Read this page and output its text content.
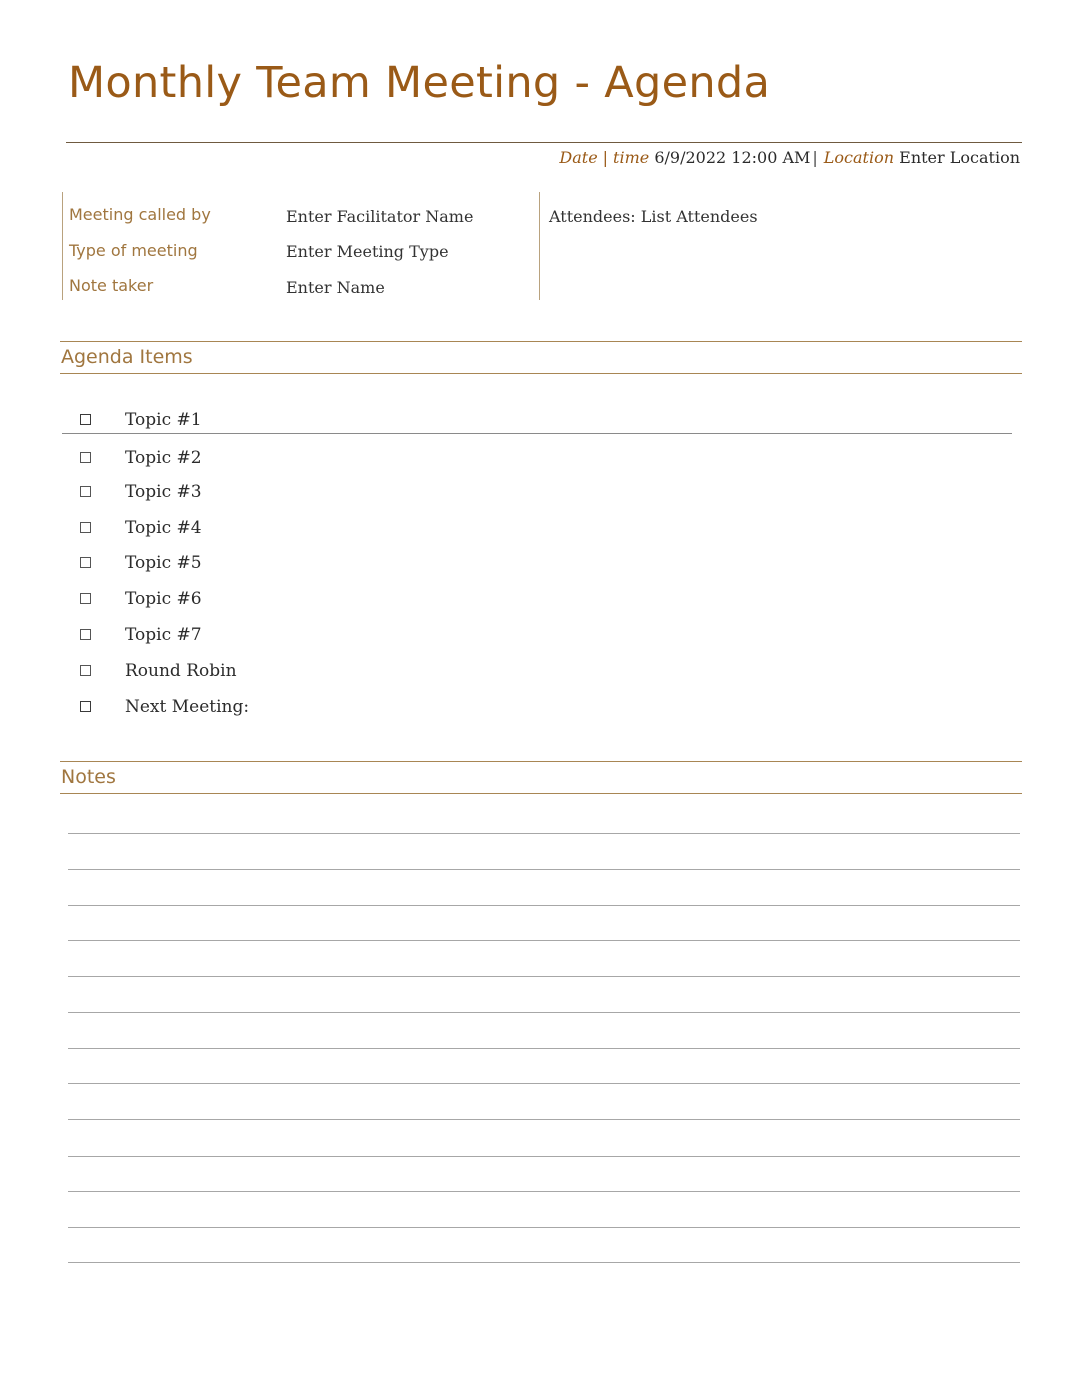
Monthly Team Meeting - Agenda
Date | time 6/9/2022 12:00 AM | Location Enter Location
Meeting called by	Enter Facilitator Name
Type of meeting	Enter Meeting Type
Note taker	Enter Name
Attendees: List Attendees
Agenda Items
Topic #1
Topic #2
Topic #3
Topic #4
Topic #5
Topic #6
Topic #7
Round Robin
Next Meeting:
Notes
